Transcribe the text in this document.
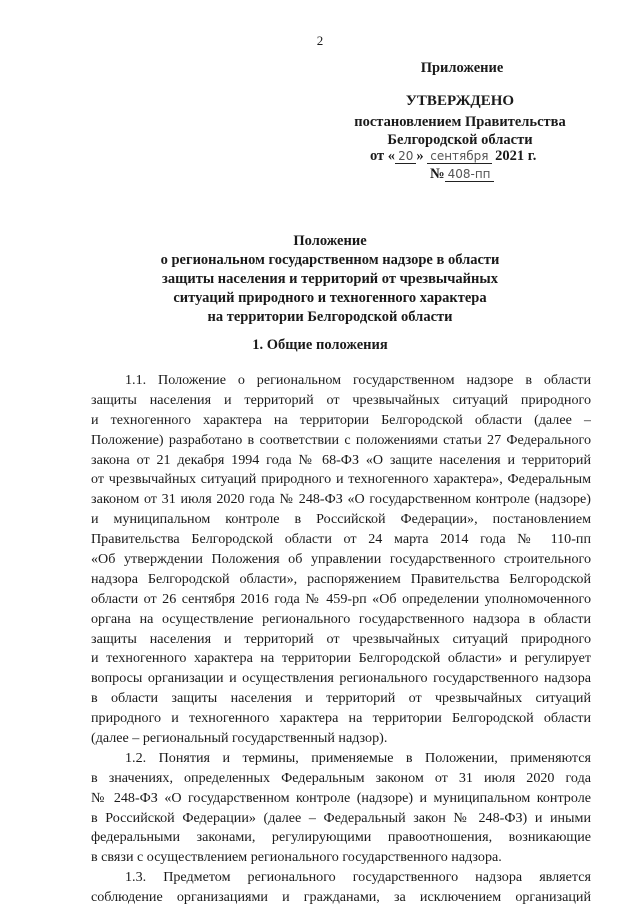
2
Приложение
УТВЕРЖДЕНО
постановлением Правительства
Белгородской области
от « 20 » сентября 2021 г.
№ 408-пп
Положение
о региональном государственном надзоре в области
защиты населения и территорий от чрезвычайных
ситуаций природного и техногенного характера
на территории Белгородской области
1. Общие положения
1.1. Положение о региональном государственном надзоре в области
защиты населения и территорий от чрезвычайных ситуаций природного
и техногенного характера на территории Белгородской области (далее –
Положение) разработано в соответствии с положениями статьи 27 Федерального
закона от 21 декабря 1994 года № 68-ФЗ «О защите населения и территорий
от чрезвычайных ситуаций природного и техногенного характера», Федеральным
законом от 31 июля 2020 года № 248-ФЗ «О государственном контроле (надзоре)
и муниципальном контроле в Российской Федерации», постановлением
Правительства Белгородской области от 24 марта 2014 года № 110-пп
«Об утверждении Положения об управлении государственного строительного
надзора Белгородской области», распоряжением Правительства Белгородской
области от 26 сентября 2016 года № 459-рп «Об определении уполномоченного
органа на осуществление регионального государственного надзора в области
защиты населения и территорий от чрезвычайных ситуаций природного
и техногенного характера на территории Белгородской области» и регулирует
вопросы организации и осуществления регионального государственного надзора
в области защиты населения и территорий от чрезвычайных ситуаций
природного и техногенного характера на территории Белгородской области
(далее – региональный государственный надзор).
1.2. Понятия и термины, применяемые в Положении, применяются
в значениях, определенных Федеральным законом от 31 июля 2020 года
№ 248-ФЗ «О государственном контроле (надзоре) и муниципальном контроле
в Российской Федерации» (далее – Федеральный закон № 248-ФЗ) и иными
федеральными законами, регулирующими правоотношения, возникающие
в связи с осуществлением регионального государственного надзора.
1.3. Предметом регионального государственного надзора является
соблюдение организациями и гражданами, за исключением организаций
